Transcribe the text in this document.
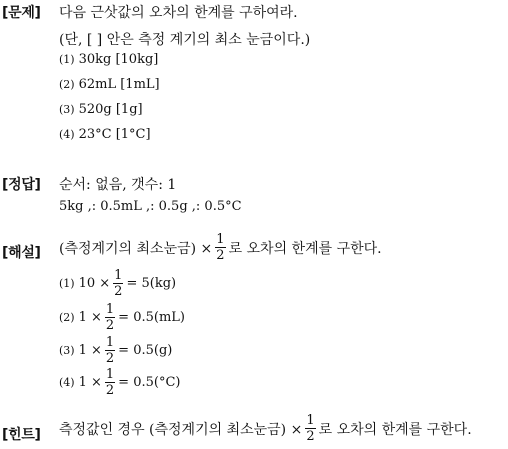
[문제] 다음 근삿값의 오차의 한계를 구하여라.
(단, [ ] 안은 측정 계기의 최소 눈금이다.)
(1) 30kg [10kg]
(2) 62mL [1mL]
(3) 520g [1g]
(4) 23°C [1°C]
[정답] 순서: 없음, 갯수: 1
5kg ,: 0.5mL ,: 0.5g ,: 0.5°C
[해설] (측정계기의 최소눈금) × $\frac{1}{2}$ 로 오차의 한계를 구한다.
(1) $10 \times \frac{1}{2} = 5(kg)$
(2) $1 \times \frac{1}{2} = 0.5(mL)$
(3) $1 \times \frac{1}{2} = 0.5(g)$
(4) $1 \times \frac{1}{2} = 0.5(^\circ C)$
[힌트] 측정값인 경우 (측정계기의 최소눈금) × $\frac{1}{2}$ 로 오차의 한계를 구한다.
